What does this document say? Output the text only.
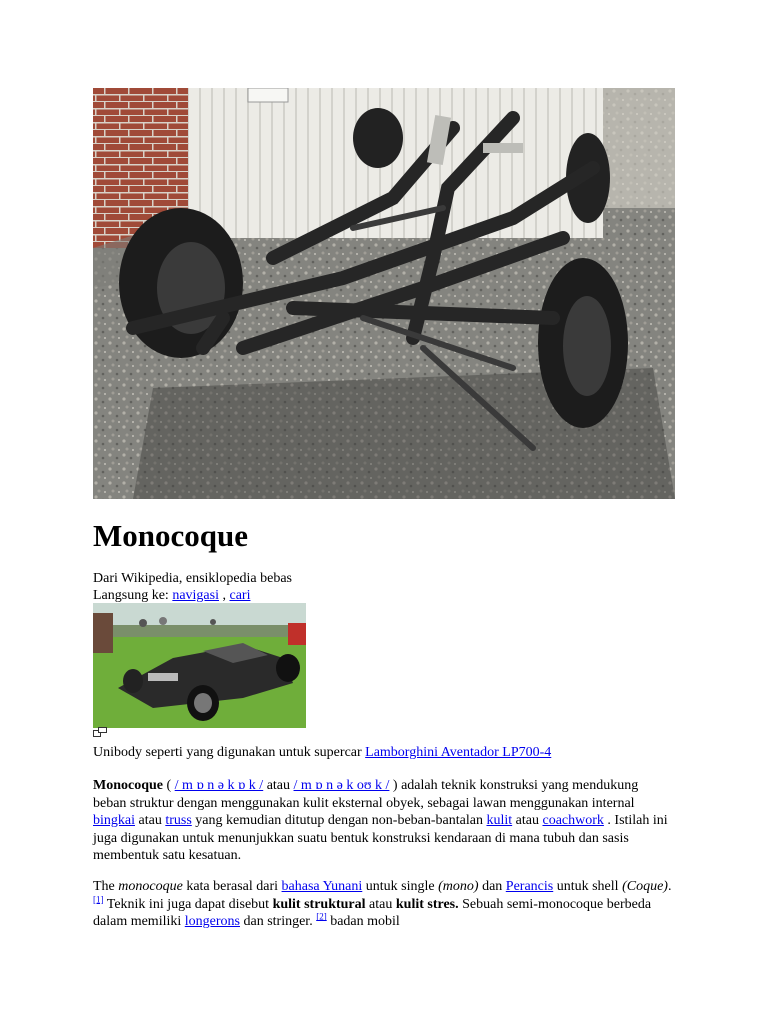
Monocoque
Dari Wikipedia, ensiklopedia bebas
Langsung ke: navigasi , cari
Unibody seperti yang digunakan untuk supercar Lamborghini Aventador LP700-4

Monocoque ( / m ɒ n ə k ɒ k / atau / m ɒ n ə k oʊ k / ) adalah teknik konstruksi yang mendukung beban struktur dengan menggunakan kulit eksternal obyek, sebagai lawan menggunakan internal bingkai atau truss yang kemudian ditutup dengan non-beban-bantalan kulit atau coachwork . Istilah ini juga digunakan untuk menunjukkan suatu bentuk konstruksi kendaraan di mana tubuh dan sasis membentuk satu kesatuan.

The monocoque kata berasal dari bahasa Yunani untuk single (mono) dan Perancis untuk shell (Coque). [1] Teknik ini juga dapat disebut kulit struktural atau kulit stres. Sebuah semi-monocoque berbeda dalam memiliki longerons dan stringer. [2] badan mobil
